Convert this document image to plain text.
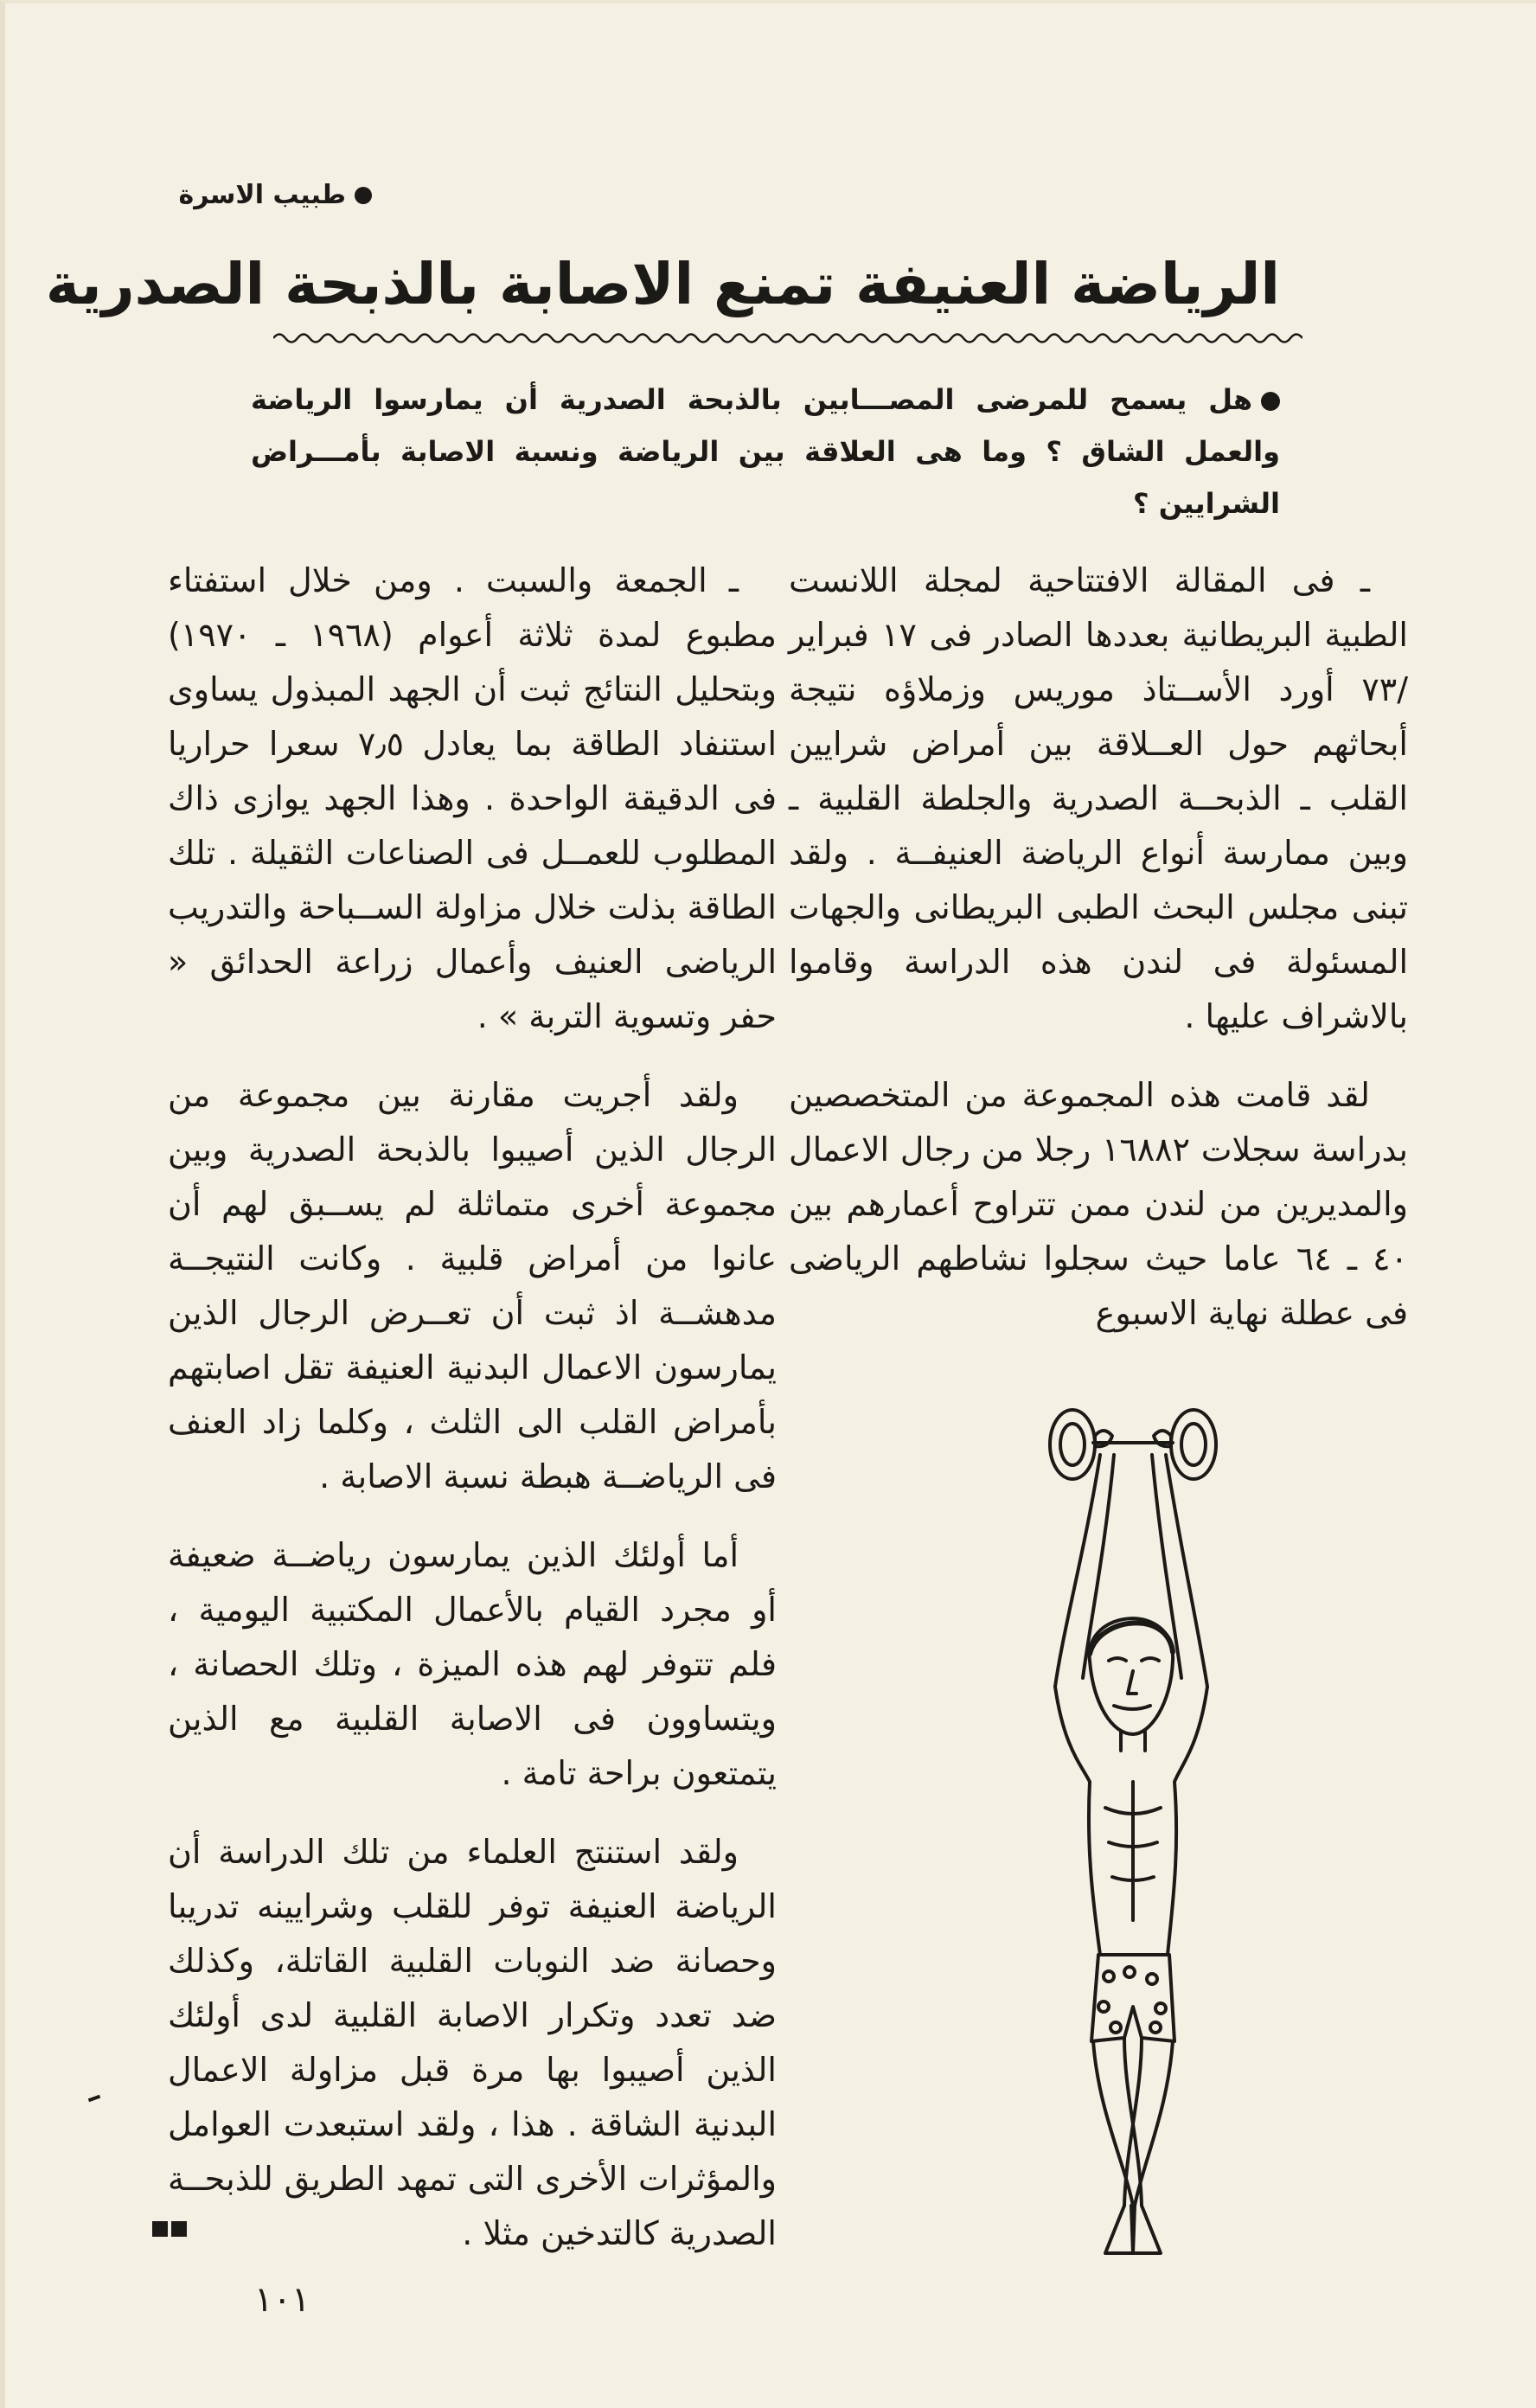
طبيب الاسرة
الرياضة العنيفة تمنع الاصابة بالذبحة الصدرية
هل يسمح للمرضى المصـــابين بالذبحة الصدرية أن يمارسوا الرياضة والعمل الشاق ؟ وما هى العلاقة بين الرياضة ونسبة الاصابة بأمـــراض الشرايين ؟

ـ فى المقالة الافتتاحية لمجلة اللانست الطبية البريطانية بعددها الصادر فى ١٧ فبراير /٧٣ أورد الأســتاذ موريس وزملاؤه نتيجة أبحاثهم حول العــلاقة بين أمراض شرايين القلب ـ الذبحــة الصدرية والجلطة القلبية ـ وبين ممارسة أنواع الرياضة العنيفــة . ولقد تبنى مجلس البحث الطبى البريطانى والجهات المسئولة فى لندن هذه الدراسة وقاموا بالاشراف عليها .

لقد قامت هذه المجموعة من المتخصصين بدراسة سجلات ١٦٨٨٢ رجلا من رجال الاعمال والمديرين من لندن ممن تتراوح أعمارهم بين ٤٠ ـ ٦٤ عاما حيث سجلوا نشاطهم الرياضى فى عطلة نهاية الاسبوع

ـ الجمعة والسبت . ومن خلال استفتاء مطبوع لمدة ثلاثة أعوام (١٩٦٨ ـ ١٩٧٠) وبتحليل النتائج ثبت أن الجهد المبذول يساوى استنفاد الطاقة بما يعادل ٧٫٥ سعرا حراريا فى الدقيقة الواحدة . وهذا الجهد يوازى ذاك المطلوب للعمــل فى الصناعات الثقيلة . تلك الطاقة بذلت خلال مزاولة الســباحة والتدريب الرياضى العنيف وأعمال زراعة الحدائق « حفر وتسوية التربة » .

ولقد أجريت مقارنة بين مجموعة من الرجال الذين أصيبوا بالذبحة الصدرية وبين مجموعة أخرى متماثلة لم يســبق لهم أن عانوا من أمراض قلبية . وكانت النتيجــة مدهشــة اذ ثبت أن تعــرض الرجال الذين يمارسون الاعمال البدنية العنيفة تقل اصابتهم بأمراض القلب الى الثلث ، وكلما زاد العنف فى الرياضــة هبطة نسبة الاصابة .

أما أولئك الذين يمارسون رياضــة ضعيفة أو مجرد القيام بالأعمال المكتبية اليومية ، فلم تتوفر لهم هذه الميزة ، وتلك الحصانة ، ويتساوون فى الاصابة القلبية مع الذين يتمتعون براحة تامة .

ولقد استنتج العلماء من تلك الدراسة أن الرياضة العنيفة توفر للقلب وشرايينه تدريبا وحصانة ضد النوبات القلبية القاتلة، وكذلك ضد تعدد وتكرار الاصابة القلبية لدى أولئك الذين أصيبوا بها مرة قبل مزاولة الاعمال البدنية الشاقة . هذا ، ولقد استبعدت العوامل والمؤثرات الأخرى التى تمهد الطريق للذبحــة الصدرية كالتدخين مثلا .

١٠١
